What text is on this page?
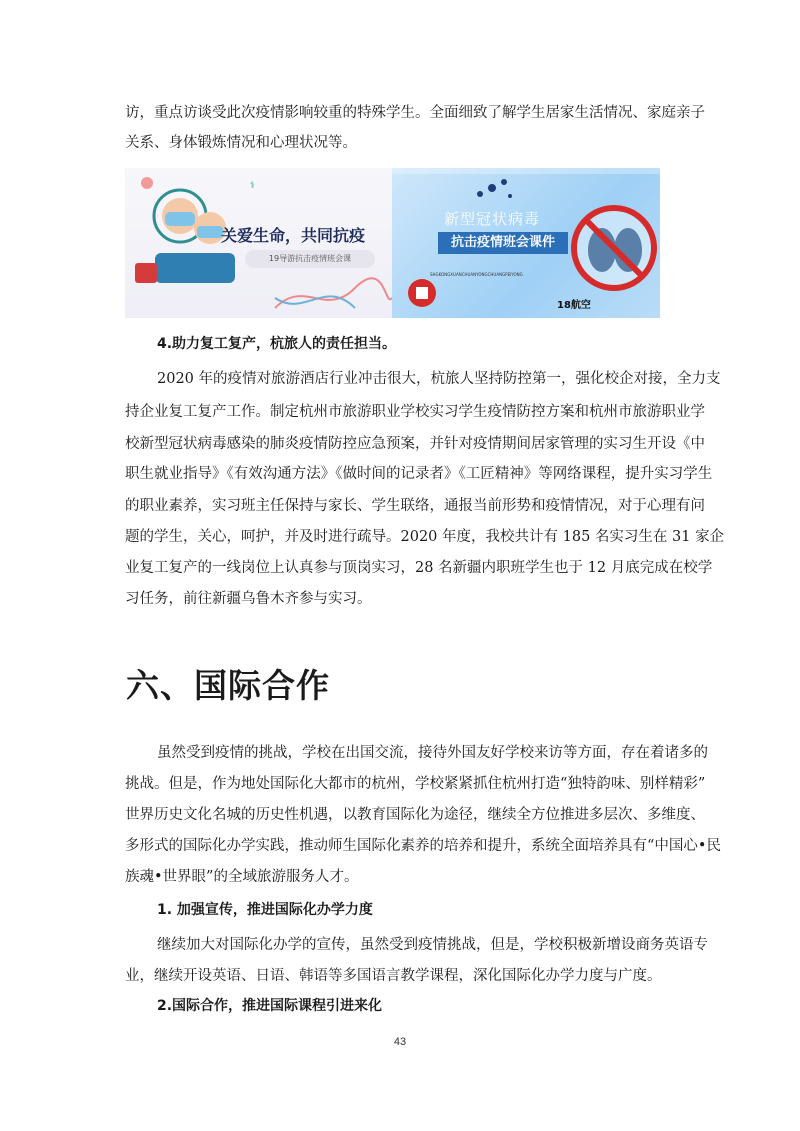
访，重点访谈受此次疫情影响较重的特殊学生。全面细致了解学生居家生活情况、家庭亲子
关系、身体锻炼情况和心理状况等。
⚕
关爱生命，共同抗疫
19导游抗击疫情班会课
新型冠状病毒
抗击疫情班会课件
SHGKONGXUANCHUANYONGCHUANGPEIYONG
18航空
4.助力复工复产，杭旅人的责任担当。
2020 年的疫情对旅游酒店行业冲击很大，杭旅人坚持防控第一，强化校企对接，全力支
持企业复工复产工作。制定杭州市旅游职业学校实习学生疫情防控方案和杭州市旅游职业学
校新型冠状病毒感染的肺炎疫情防控应急预案，并针对疫情期间居家管理的实习生开设《中
职生就业指导》《有效沟通方法》《做时间的记录者》《工匠精神》等网络课程，提升实习学生
的职业素养，实习班主任保持与家长、学生联络，通报当前形势和疫情情况，对于心理有问
题的学生，关心，呵护，并及时进行疏导。2020 年度，我校共计有 185 名实习生在 31 家企
业复工复产的一线岗位上认真参与顶岗实习，28 名新疆内职班学生也于 12 月底完成在校学
习任务，前往新疆乌鲁木齐参与实习。
六、国际合作
虽然受到疫情的挑战，学校在出国交流，接待外国友好学校来访等方面，存在着诸多的
挑战。但是，作为地处国际化大都市的杭州，学校紧紧抓住杭州打造“独特韵味、别样精彩”
世界历史文化名城的历史性机遇，以教育国际化为途径，继续全方位推进多层次、多维度、
多形式的国际化办学实践，推动师生国际化素养的培养和提升，系统全面培养具有“中国心•民
族魂•世界眼”的全域旅游服务人才。
1. 加强宣传，推进国际化办学力度
继续加大对国际化办学的宣传，虽然受到疫情挑战，但是，学校积极新增设商务英语专
业，继续开设英语、日语、韩语等多国语言教学课程，深化国际化办学力度与广度。
2.国际合作，推进国际课程引进来化
43
